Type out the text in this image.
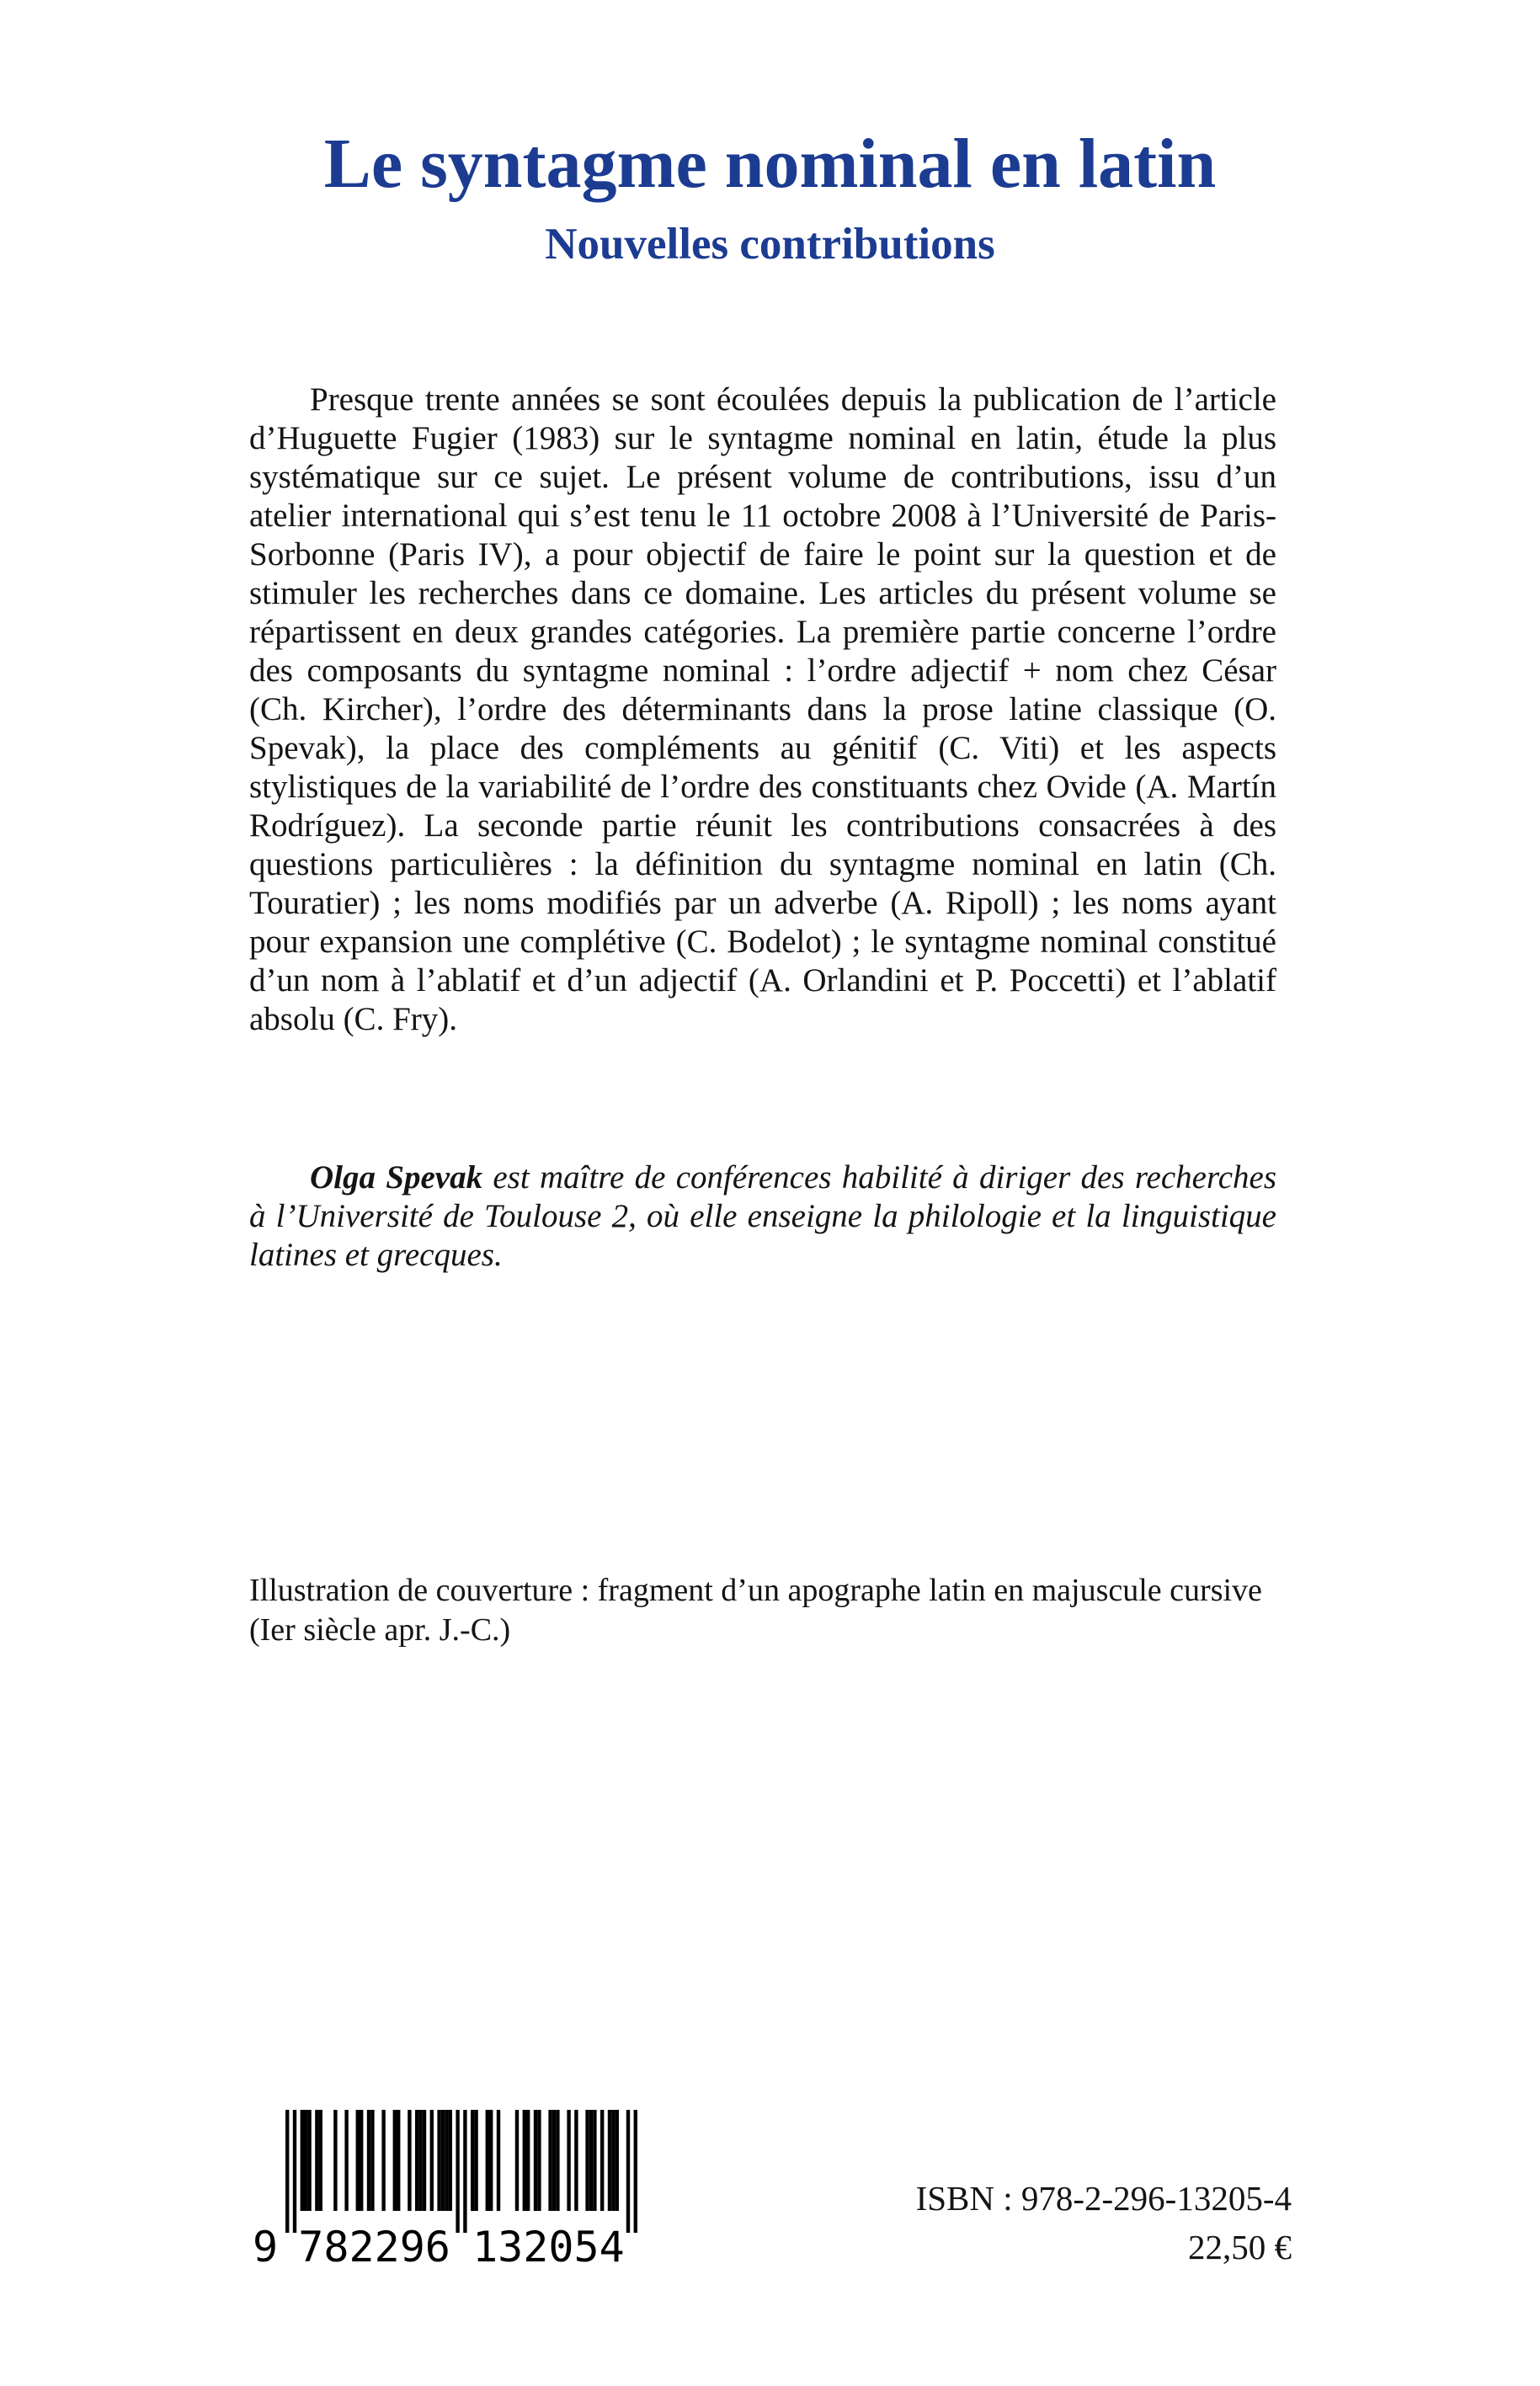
Le syntagme nominal en latin
Nouvelles contributions

Presque trente années se sont écoulées depuis la publication de l’article d’Huguette Fugier (1983) sur le syntagme nominal en latin, étude la plus systématique sur ce sujet. Le présent volume de contributions, issu d’un atelier international qui s’est tenu le 11 octobre 2008 à l’Université de Paris-Sorbonne (Paris IV), a pour objectif de faire le point sur la question et de stimuler les recherches dans ce domaine. Les articles du présent volume se répartissent en deux grandes catégories. La première partie concerne l’ordre des composants du syntagme nominal : l’ordre adjectif + nom chez César (Ch. Kircher), l’ordre des déterminants dans la prose latine classique (O. Spevak), la place des compléments au génitif (C. Viti) et les aspects stylistiques de la variabilité de l’ordre des constituants chez Ovide (A. Martín Rodríguez). La seconde partie réunit les contributions consacrées à des questions particulières : la définition du syntagme nominal en latin (Ch. Touratier) ; les noms modifiés par un adverbe (A. Ripoll) ; les noms ayant pour expansion une complétive (C. Bodelot) ; le syntagme nominal constitué d’un nom à l’ablatif et d’un adjectif (A. Orlandini et P. Poccetti) et l’ablatif absolu (C. Fry).

Olga Spevak est maître de conférences habilité à diriger des recherches à l’Université de Toulouse 2, où elle enseigne la philologie et la linguistique latines et grecques.

Illustration de couverture : fragment d’un apographe latin en majuscule cursive (Ier siècle apr. J.-C.)

9 782296 132054
ISBN : 978-2-296-13205-4
22,50 €
